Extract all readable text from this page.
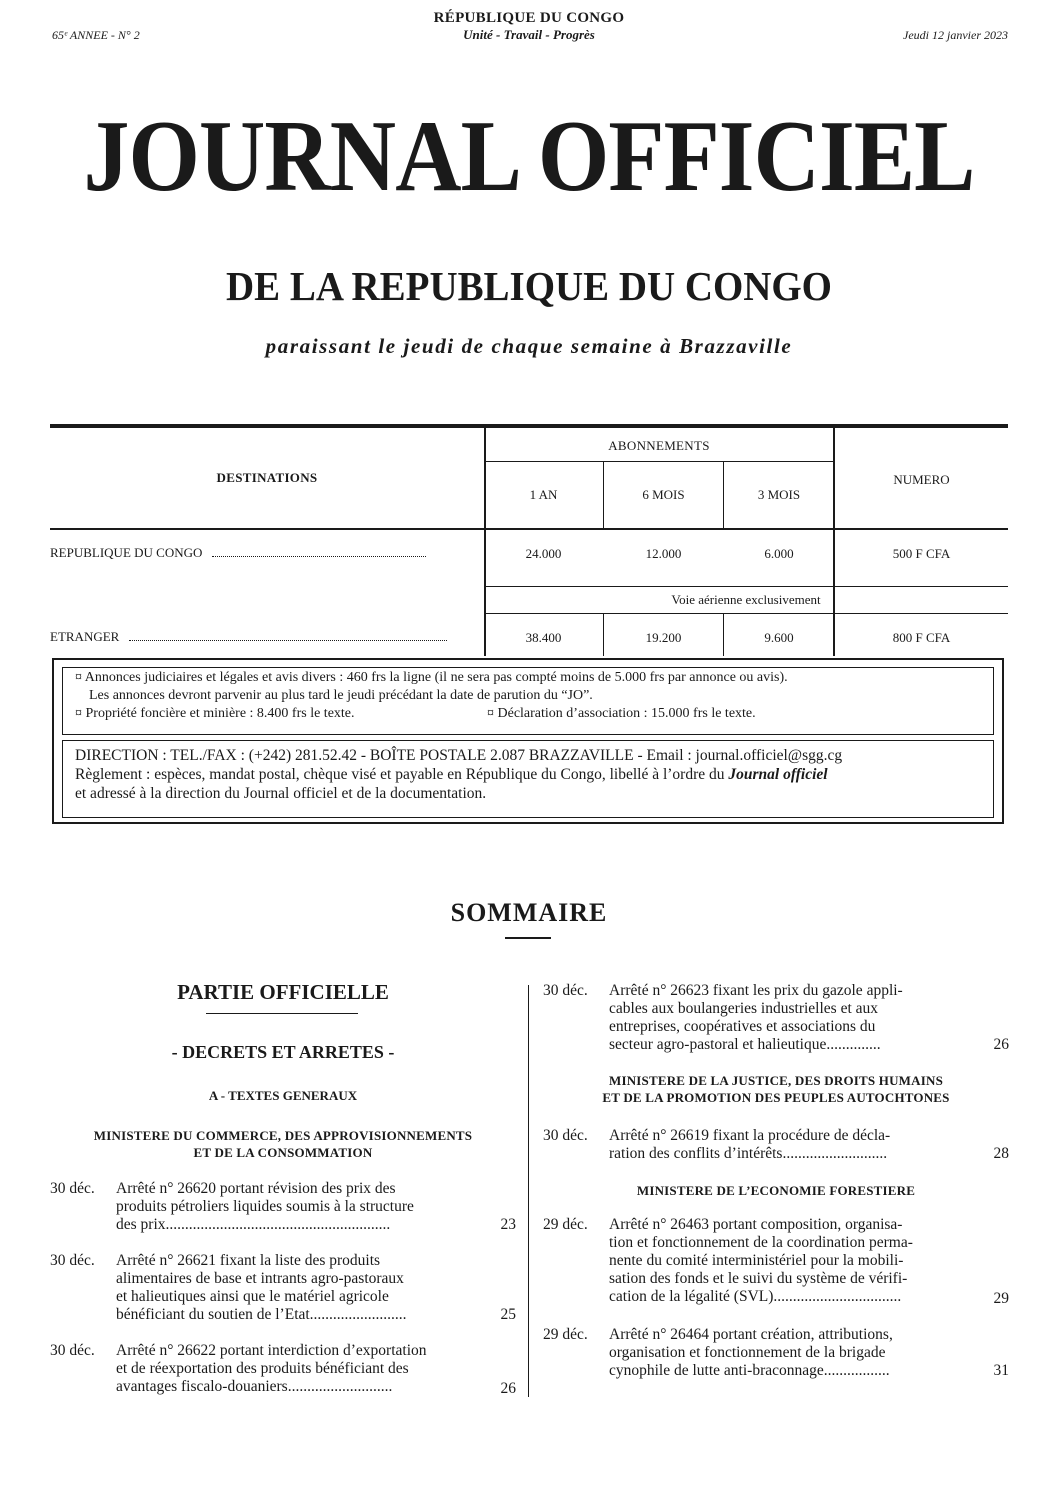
65ᵉ ANNEE - N° 2
RÉPUBLIQUE DU CONGO
Unité - Travail - Progrès	Jeudi 12 janvier 2023
JOURNAL OFFICIEL
DE LA REPUBLIQUE DU CONGO
paraissant le jeudi de chaque semaine à Brazzaville
DESTINATIONS
ABONNEMENTS
NUMERO
1 AN	6 MOIS	3 MOIS
REPUBLIQUE DU CONGO	24.000	12.000	6.000	500 F CFA
Voie aérienne exclusivement
ETRANGER	38.400	19.200	9.600	800 F CFA
¤ Annonces judiciaires et légales et avis divers : 460 frs la ligne (il ne sera pas compté moins de 5.000 frs par annonce ou avis).
Les annonces devront parvenir au plus tard le jeudi précédant la date de parution du “JO”.
¤ Propriété foncière et minière : 8.400 frs le texte.	¤ Déclaration d’association : 15.000 frs le texte.
DIRECTION : TEL./FAX : (+242) 281.52.42 - BOÎTE POSTALE 2.087 BRAZZAVILLE - Email : journal.officiel@sgg.cg
Règlement : espèces, mandat postal, chèque visé et payable en République du Congo, libellé à l’ordre du Journal officiel
et adressé à la direction du Journal officiel et de la documentation.
SOMMAIRE
PARTIE OFFICIELLE
- DECRETS ET ARRETES -
A - TEXTES GENERAUX
MINISTERE DU COMMERCE, DES APPROVISIONNEMENTS
ET DE LA CONSOMMATION
30 déc. Arrêté n° 26620 portant révision des prix des
produits pétroliers liquides soumis à la structure
des prix..........................................................	23
30 déc. Arrêté n° 26621 fixant la liste des produits
alimentaires de base et intrants agro-pastoraux
et halieutiques ainsi que le matériel agricole
bénéficiant du soutien de l’Etat.........................	25
30 déc. Arrêté n° 26622 portant interdiction d’exportation
et de réexportation des produits bénéficiant des
avantages fiscalo-douaniers...........................	26
30 déc. Arrêté n° 26623 fixant les prix du gazole appli-
cables aux boulangeries industrielles et aux
entreprises, coopératives et associations du
secteur agro-pastoral et halieutique..............	26
MINISTERE DE LA JUSTICE, DES DROITS HUMAINS
ET DE LA PROMOTION DES PEUPLES AUTOCHTONES
30 déc. Arrêté n° 26619 fixant la procédure de décla-
ration des conflits d’intérêts...........................	28
MINISTERE DE L’ECONOMIE FORESTIERE
29 déc. Arrêté n° 26463 portant composition, organisa-
tion et fonctionnement de la coordination perma-
nente du comité interministériel pour la mobili-
sation des fonds et le suivi du système de vérifi-
cation de la légalité (SVL).................................	29
29 déc. Arrêté n° 26464 portant création, attributions,
organisation et fonctionnement de la brigade
cynophile de lutte anti-braconnage.................	31
